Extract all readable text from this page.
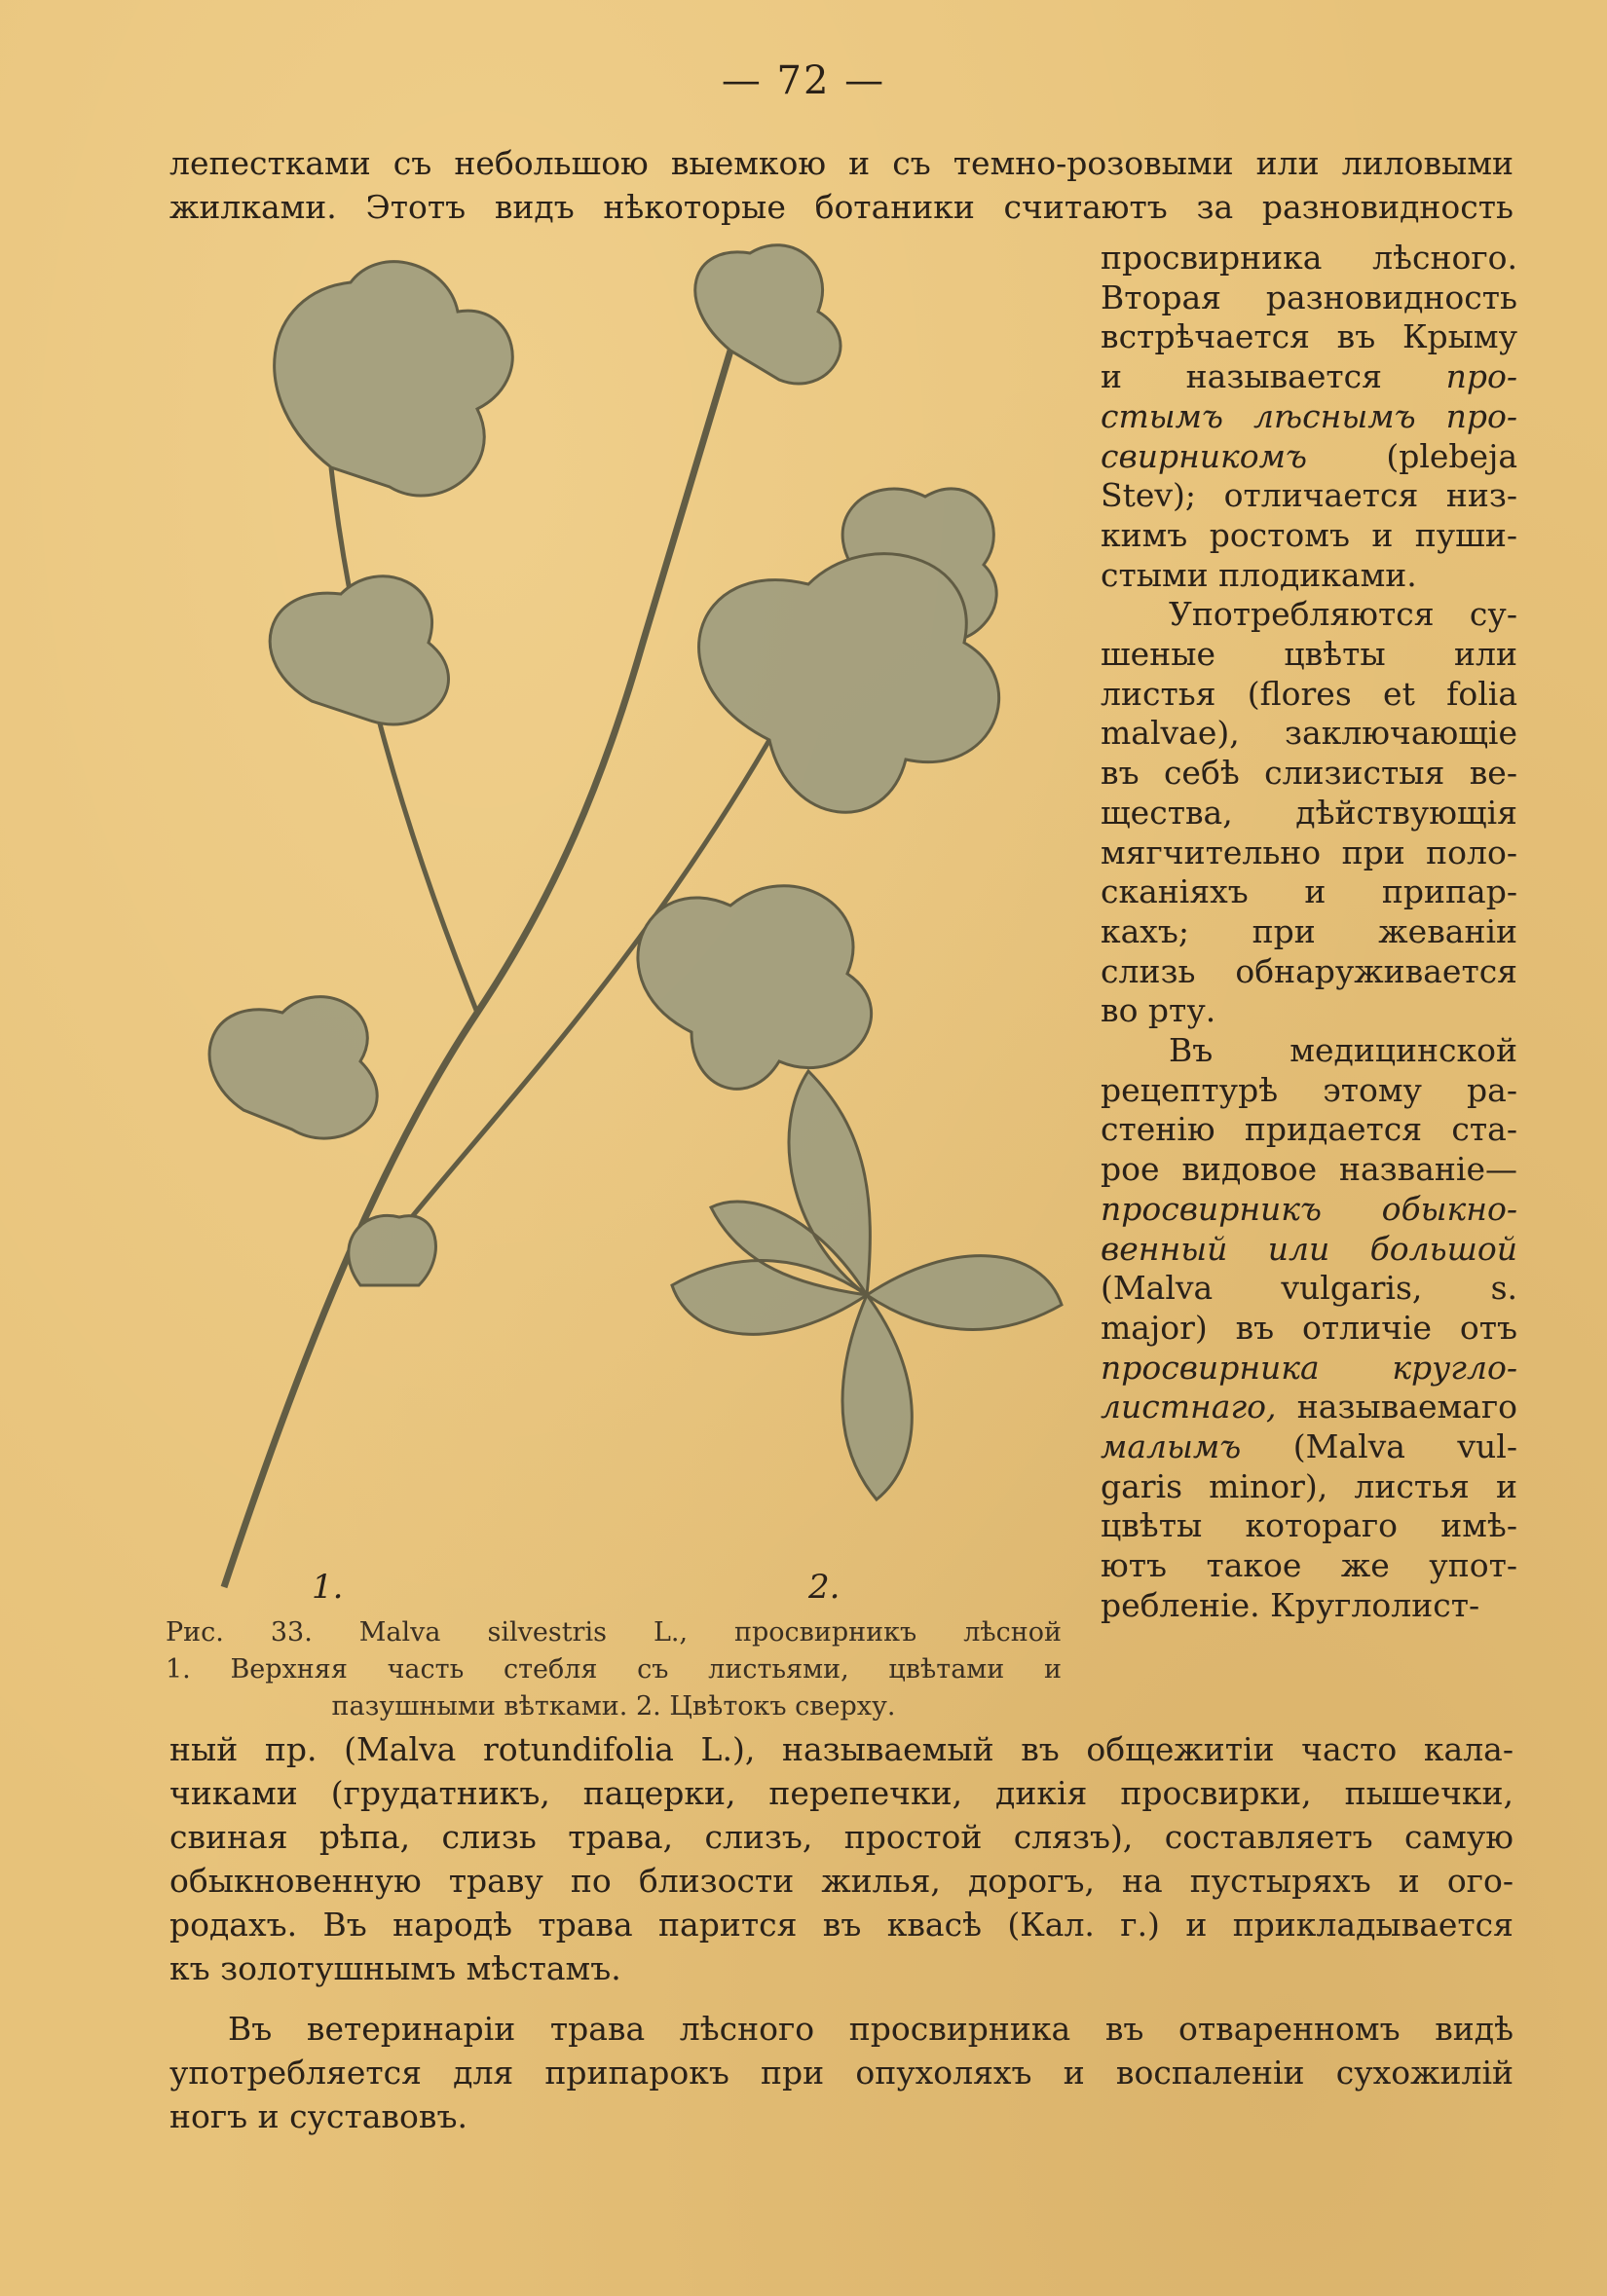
— 72 —
лепестками съ небольшою выемкою и съ темно-розовыми или лиловыми
жилками. Этотъ видъ нѣкоторые ботаники считаютъ за разновидность
просвирника лѣсного.
Вторая разновидность
встрѣчается въ Крыму
и называется про-
стымъ лѣснымъ про-
свирникомъ (plebeja
Stev); отличается низ-
кимъ ростомъ и пуши-
стыми плодиками.
Употребляются су-
шеные цвѣты или
листья (flores et folia
malvae), заключающіе
въ себѣ слизистыя ве-
щества, дѣйствующія
мягчительно при поло-
сканіяхъ и припар-
кахъ; при жеваніи
слизь обнаруживается
во рту.
Въ медицинской
рецептурѣ этому ра-
стенію придается ста-
рое видовое названіе—
просвирникъ обыкно-
венный или большой
(Malva vulgaris, s.
major) въ отличіе отъ
просвирника кругло-
листнаго, называемаго
малымъ (Malva vul-
garis minor), листья и
цвѣты котораго имѣ-
ютъ такое же упот-
ребленіе. Круглолист-
1.	2.
Рис. 33. Malva silvestris L., просвирникъ лѣсной
1. Верхняя часть стебля съ листьями, цвѣтами и
пазушными вѣтками. 2. Цвѣтокъ сверху.
ный пр. (Malva rotundifolia L.), называемый въ общежитіи часто кала-
чиками (грудатникъ, пацерки, перепечки, дикія просвирки, пышечки,
свиная рѣпа, слизь трава, слизъ, простой слязъ), составляетъ самую
обыкновенную траву по близости жилья, дорогъ, на пустыряхъ и ого-
родахъ. Въ народѣ трава парится въ квасѣ (Кал. г.) и прикладывается
къ золотушнымъ мѣстамъ.
Въ ветеринаріи трава лѣсного просвирника въ отваренномъ видѣ
употребляется для припарокъ при опухоляхъ и воспаленіи сухожилій
ногъ и суставовъ.
